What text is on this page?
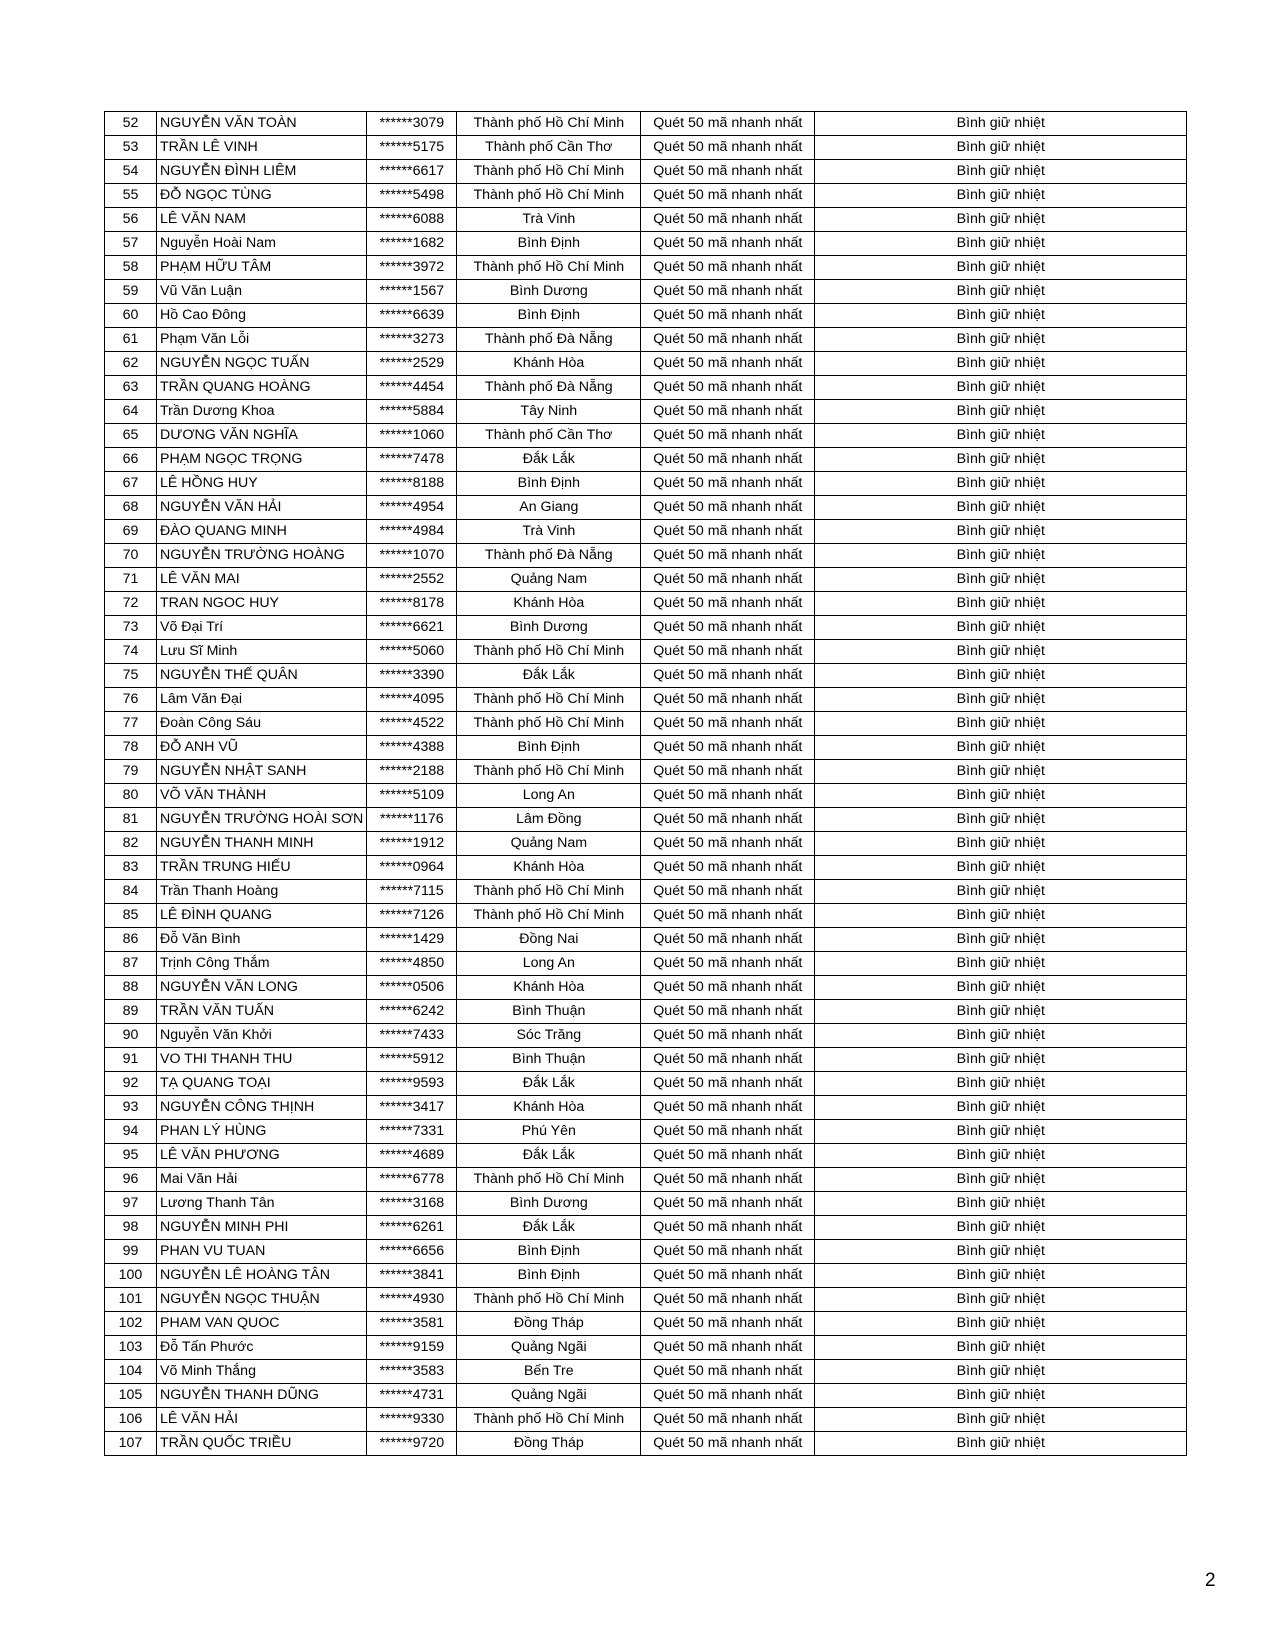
52	NGUYỄN VĂN TOÀN	******3079	Thành phố Hồ Chí Minh	Quét 50 mã nhanh nhất	Bình giữ nhiệt
53	TRẦN LÊ VINH	******5175	Thành phố Cần Thơ	Quét 50 mã nhanh nhất	Bình giữ nhiệt
54	NGUYỄN ĐÌNH LIÊM	******6617	Thành phố Hồ Chí Minh	Quét 50 mã nhanh nhất	Bình giữ nhiệt
55	ĐỖ NGỌC TÙNG	******5498	Thành phố Hồ Chí Minh	Quét 50 mã nhanh nhất	Bình giữ nhiệt
56	LÊ VĂN NAM	******6088	Trà Vinh	Quét 50 mã nhanh nhất	Bình giữ nhiệt
57	Nguyễn Hoài Nam	******1682	Bình Định	Quét 50 mã nhanh nhất	Bình giữ nhiệt
58	PHẠM HỮU TÂM	******3972	Thành phố Hồ Chí Minh	Quét 50 mã nhanh nhất	Bình giữ nhiệt
59	Vũ Văn Luận	******1567	Bình Dương	Quét 50 mã nhanh nhất	Bình giữ nhiệt
60	Hồ Cao Đông	******6639	Bình Định	Quét 50 mã nhanh nhất	Bình giữ nhiệt
61	Phạm Văn Lỗi	******3273	Thành phố Đà Nẵng	Quét 50 mã nhanh nhất	Bình giữ nhiệt
62	NGUYỄN NGỌC TUẤN	******2529	Khánh Hòa	Quét 50 mã nhanh nhất	Bình giữ nhiệt
63	TRẦN QUANG HOÀNG	******4454	Thành phố Đà Nẵng	Quét 50 mã nhanh nhất	Bình giữ nhiệt
64	Trần Dương Khoa	******5884	Tây Ninh	Quét 50 mã nhanh nhất	Bình giữ nhiệt
65	DƯƠNG VĂN NGHĨA	******1060	Thành phố Cần Thơ	Quét 50 mã nhanh nhất	Bình giữ nhiệt
66	PHẠM NGỌC TRỌNG	******7478	Đắk Lắk	Quét 50 mã nhanh nhất	Bình giữ nhiệt
67	LÊ HỒNG HUY	******8188	Bình Định	Quét 50 mã nhanh nhất	Bình giữ nhiệt
68	NGUYỄN VĂN HẢI	******4954	An Giang	Quét 50 mã nhanh nhất	Bình giữ nhiệt
69	ĐÀO QUANG MINH	******4984	Trà Vinh	Quét 50 mã nhanh nhất	Bình giữ nhiệt
70	NGUYỄN TRƯỜNG HOÀNG	******1070	Thành phố Đà Nẵng	Quét 50 mã nhanh nhất	Bình giữ nhiệt
71	LÊ VĂN MAI	******2552	Quảng Nam	Quét 50 mã nhanh nhất	Bình giữ nhiệt
72	TRAN NGOC HUY	******8178	Khánh Hòa	Quét 50 mã nhanh nhất	Bình giữ nhiệt
73	Võ Đại Trí	******6621	Bình Dương	Quét 50 mã nhanh nhất	Bình giữ nhiệt
74	Lưu Sĩ Minh	******5060	Thành phố Hồ Chí Minh	Quét 50 mã nhanh nhất	Bình giữ nhiệt
75	NGUYỄN THẾ QUÂN	******3390	Đắk Lắk	Quét 50 mã nhanh nhất	Bình giữ nhiệt
76	Lâm Văn Đại	******4095	Thành phố Hồ Chí Minh	Quét 50 mã nhanh nhất	Bình giữ nhiệt
77	Đoàn Công Sáu	******4522	Thành phố Hồ Chí Minh	Quét 50 mã nhanh nhất	Bình giữ nhiệt
78	ĐỖ ANH VŨ	******4388	Bình Định	Quét 50 mã nhanh nhất	Bình giữ nhiệt
79	NGUYỄN NHẬT SANH	******2188	Thành phố Hồ Chí Minh	Quét 50 mã nhanh nhất	Bình giữ nhiệt
80	VÕ VĂN THÀNH	******5109	Long An	Quét 50 mã nhanh nhất	Bình giữ nhiệt
81	NGUYỄN TRƯỜNG HOÀI SƠN	******1176	Lâm Đồng	Quét 50 mã nhanh nhất	Bình giữ nhiệt
82	NGUYỄN THANH MINH	******1912	Quảng Nam	Quét 50 mã nhanh nhất	Bình giữ nhiệt
83	TRẦN TRUNG HIẾU	******0964	Khánh Hòa	Quét 50 mã nhanh nhất	Bình giữ nhiệt
84	Trần Thanh Hoàng	******7115	Thành phố Hồ Chí Minh	Quét 50 mã nhanh nhất	Bình giữ nhiệt
85	LÊ ĐÌNH QUANG	******7126	Thành phố Hồ Chí Minh	Quét 50 mã nhanh nhất	Bình giữ nhiệt
86	Đỗ Văn Bình	******1429	Đồng Nai	Quét 50 mã nhanh nhất	Bình giữ nhiệt
87	Trịnh Công Thắm	******4850	Long An	Quét 50 mã nhanh nhất	Bình giữ nhiệt
88	NGUYỄN VĂN LONG	******0506	Khánh Hòa	Quét 50 mã nhanh nhất	Bình giữ nhiệt
89	TRẦN VĂN TUẤN	******6242	Bình Thuận	Quét 50 mã nhanh nhất	Bình giữ nhiệt
90	Nguyễn Văn Khởi	******7433	Sóc Trăng	Quét 50 mã nhanh nhất	Bình giữ nhiệt
91	VO THI THANH THU	******5912	Bình Thuận	Quét 50 mã nhanh nhất	Bình giữ nhiệt
92	TẠ QUANG TOẠI	******9593	Đắk Lắk	Quét 50 mã nhanh nhất	Bình giữ nhiệt
93	NGUYỄN CÔNG THỊNH	******3417	Khánh Hòa	Quét 50 mã nhanh nhất	Bình giữ nhiệt
94	PHAN LÝ HÙNG	******7331	Phú Yên	Quét 50 mã nhanh nhất	Bình giữ nhiệt
95	LÊ VĂN PHƯƠNG	******4689	Đắk Lắk	Quét 50 mã nhanh nhất	Bình giữ nhiệt
96	Mai Văn Hải	******6778	Thành phố Hồ Chí Minh	Quét 50 mã nhanh nhất	Bình giữ nhiệt
97	Lương Thanh Tân	******3168	Bình Dương	Quét 50 mã nhanh nhất	Bình giữ nhiệt
98	NGUYỄN MINH PHI	******6261	Đắk Lắk	Quét 50 mã nhanh nhất	Bình giữ nhiệt
99	PHAN VU TUAN	******6656	Bình Định	Quét 50 mã nhanh nhất	Bình giữ nhiệt
100	NGUYỄN LÊ HOÀNG TÂN	******3841	Bình Định	Quét 50 mã nhanh nhất	Bình giữ nhiệt
101	NGUYỄN NGỌC THUẬN	******4930	Thành phố Hồ Chí Minh	Quét 50 mã nhanh nhất	Bình giữ nhiệt
102	PHAM VAN QUOC	******3581	Đồng Tháp	Quét 50 mã nhanh nhất	Bình giữ nhiệt
103	Đỗ Tấn Phước	******9159	Quảng Ngãi	Quét 50 mã nhanh nhất	Bình giữ nhiệt
104	Võ Minh Thắng	******3583	Bến Tre	Quét 50 mã nhanh nhất	Bình giữ nhiệt
105	NGUYỄN THANH DŨNG	******4731	Quảng Ngãi	Quét 50 mã nhanh nhất	Bình giữ nhiệt
106	LÊ VĂN HẢI	******9330	Thành phố Hồ Chí Minh	Quét 50 mã nhanh nhất	Bình giữ nhiệt
107	TRẦN QUỐC TRIỀU	******9720	Đồng Tháp	Quét 50 mã nhanh nhất	Bình giữ nhiệt
2
